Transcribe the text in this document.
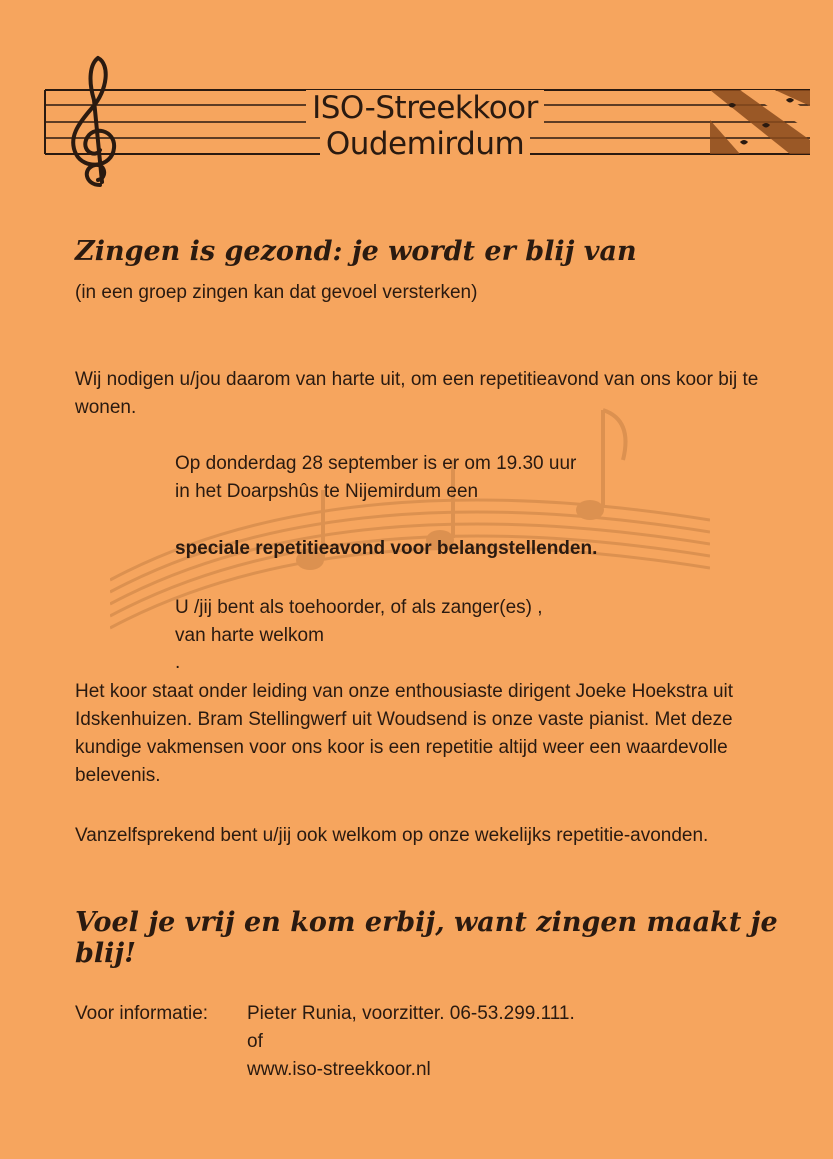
ISO-Streekkoor
Oudemirdum
Zingen is gezond: je wordt er blij van
(in een groep zingen kan dat gevoel versterken)
Wij nodigen u/jou daarom van harte uit, om een repetitieavond van ons koor bij te wonen.
Op donderdag 28 september is er om 19.30 uur
in het Doarpshûs te Nijemirdum een
speciale repetitieavond voor belangstellenden.
U /jij bent als toehoorder, of als zanger(es) ,
van harte welkom
.
Het koor staat onder leiding van onze enthousiaste dirigent Joeke Hoekstra uit Idskenhuizen. Bram Stellingwerf uit Woudsend is onze vaste pianist. Met deze kundige vakmensen voor ons koor is een repetitie altijd weer een waardevolle belevenis.
Vanzelfsprekend bent u/jij ook welkom op onze wekelijks repetitie-avonden.
Voel je vrij en kom erbij, want zingen maakt je blij!
Voor informatie: Pieter Runia, voorzitter. 06-53.299.111.
of
www.iso-streekkoor.nl
